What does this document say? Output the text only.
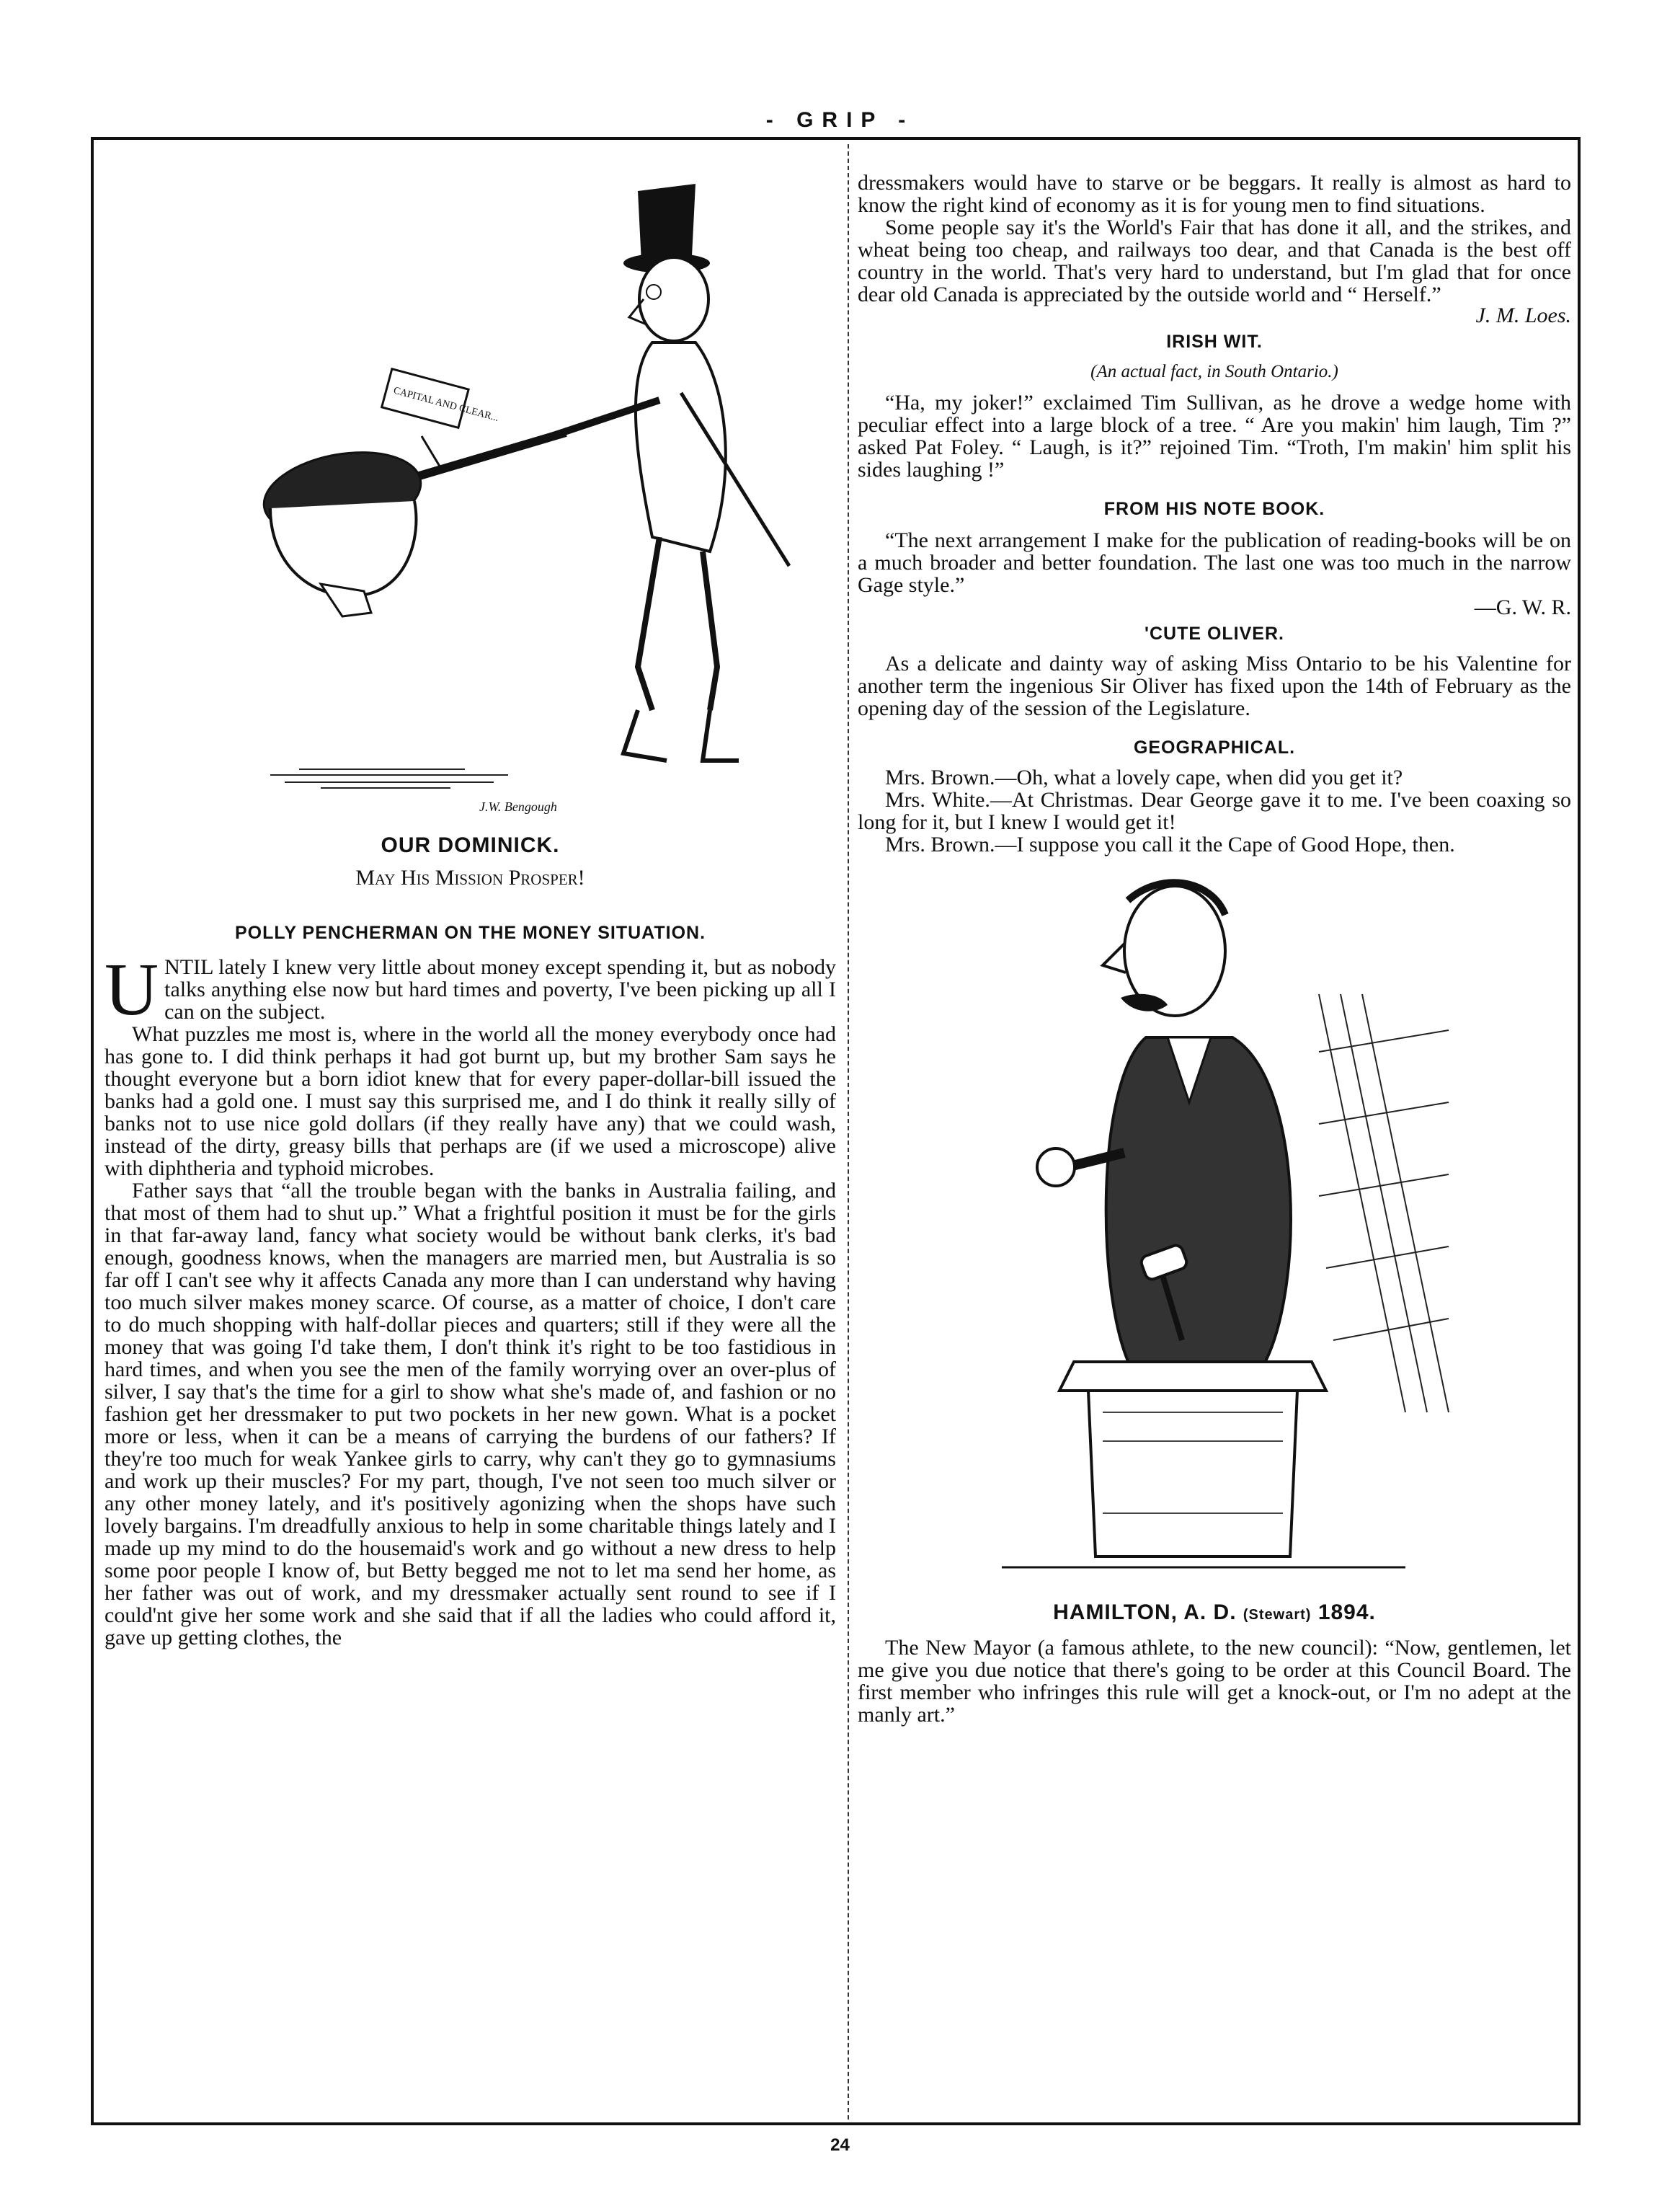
- GRIP -
CAPITAL AND CLEAR...
J.W. Bengough

OUR DOMINICK.

May His Mission Prosper!

POLLY PENCHERMAN ON THE MONEY SITUATION.

UNTIL lately I knew very little about money except spending it, but as nobody talks anything else now but hard times and poverty, I've been picking up all I can on the subject.

What puzzles me most is, where in the world all the money everybody once had has gone to. I did think perhaps it had got burnt up, but my brother Sam says he thought everyone but a born idiot knew that for every paper-dollar-bill issued the banks had a gold one. I must say this surprised me, and I do think it really silly of banks not to use nice gold dollars (if they really have any) that we could wash, instead of the dirty, greasy bills that perhaps are (if we used a microscope) alive with diphtheria and typhoid microbes.

Father says that “all the trouble began with the banks in Australia failing, and that most of them had to shut up.” What a frightful position it must be for the girls in that far-away land, fancy what society would be without bank clerks, it's bad enough, goodness knows, when the managers are married men, but Australia is so far off I can't see why it affects Canada any more than I can understand why having too much silver makes money scarce. Of course, as a matter of choice, I don't care to do much shopping with half-dollar pieces and quarters; still if they were all the money that was going I'd take them, I don't think it's right to be too fastidious in hard times, and when you see the men of the family worrying over an over-plus of silver, I say that's the time for a girl to show what she's made of, and fashion or no fashion get her dressmaker to put two pockets in her new gown. What is a pocket more or less, when it can be a means of carrying the burdens of our fathers? If they're too much for weak Yankee girls to carry, why can't they go to gymnasiums and work up their muscles? For my part, though, I've not seen too much silver or any other money lately, and it's positively agonizing when the shops have such lovely bargains. I'm dreadfully anxious to help in some charitable things lately and I made up my mind to do the housemaid's work and go without a new dress to help some poor people I know of, but Betty begged me not to let ma send her home, as her father was out of work, and my dressmaker actually sent round to see if I could'nt give her some work and she said that if all the ladies who could afford it, gave up getting clothes, the

dressmakers would have to starve or be beggars. It really is almost as hard to know the right kind of economy as it is for young men to find situations.

Some people say it's the World's Fair that has done it all, and the strikes, and wheat being too cheap, and railways too dear, and that Canada is the best off country in the world. That's very hard to understand, but I'm glad that for once dear old Canada is appreciated by the outside world and “ Herself.”

J. M. Loes.

IRISH WIT.

(An actual fact, in South Ontario.)

“Ha, my joker!” exclaimed Tim Sullivan, as he drove a wedge home with peculiar effect into a large block of a tree. “ Are you makin' him laugh, Tim ?” asked Pat Foley. “ Laugh, is it?” rejoined Tim. “Troth, I'm makin' him split his sides laughing !”

FROM HIS NOTE BOOK.

“The next arrangement I make for the publication of reading-books will be on a much broader and better foundation. The last one was too much in the narrow Gage style.”

—G. W. R.

'CUTE OLIVER.

As a delicate and dainty way of asking Miss Ontario to be his Valentine for another term the ingenious Sir Oliver has fixed upon the 14th of February as the opening day of the session of the Legislature.

GEOGRAPHICAL.

Mrs. Brown.—Oh, what a lovely cape, when did you get it?

Mrs. White.—At Christmas. Dear George gave it to me. I've been coaxing so long for it, but I knew I would get it!

Mrs. Brown.—I suppose you call it the Cape of Good Hope, then.

HAMILTON, A. D. (Stewart) 1894.

The New Mayor (a famous athlete, to the new council): “Now, gentlemen, let me give you due notice that there's going to be order at this Council Board. The first member who infringes this rule will get a knock-out, or I'm no adept at the manly art.”

24
